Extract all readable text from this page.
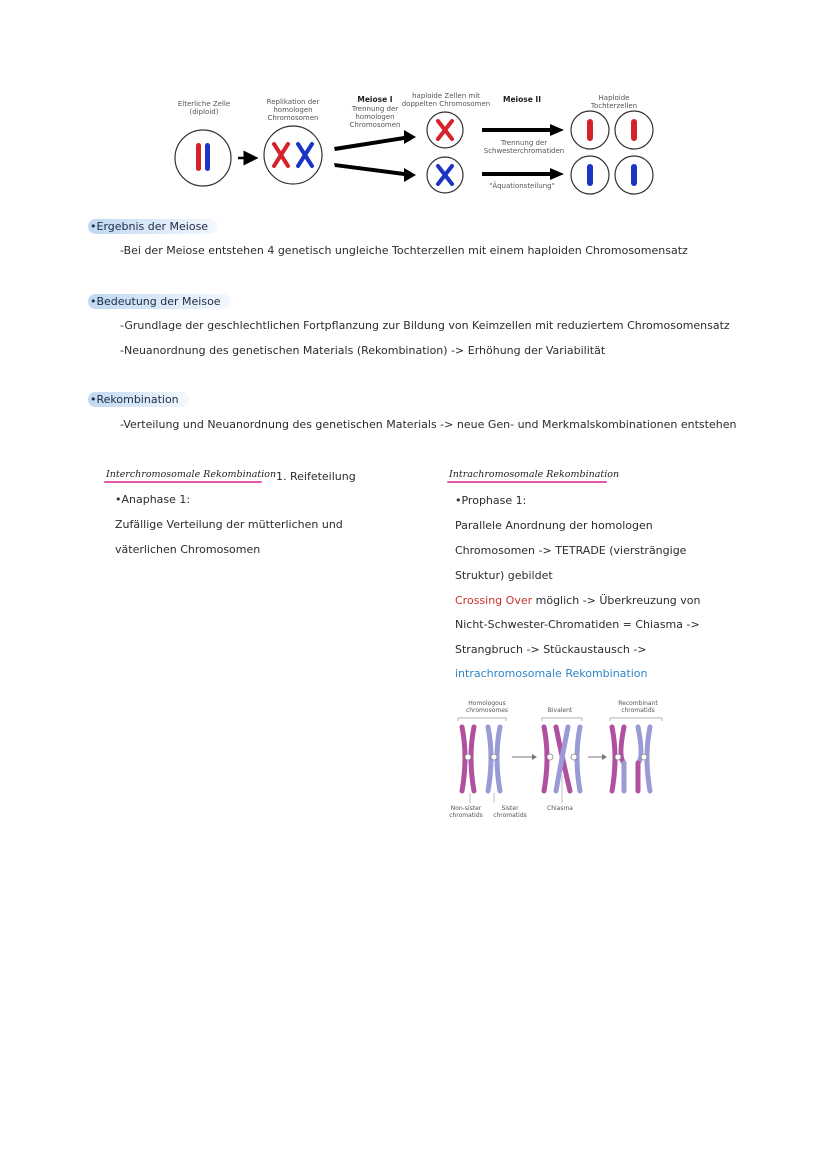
Elterliche Zelle (diploid)
Replikation der homologen Chromosomen
Meiose I
Trennung der homologen Chromosomen
haploide Zellen mit doppelten Chromosomen	Meiose II	Haploide Tochterzellen
Trennung der Schwesterchromatiden
"Äquationsteilung"
•Ergebnis der Meiose
-Bei der Meiose entstehen 4 genetisch ungleiche Tochterzellen mit einem haploiden Chromosomensatz
•Bedeutung der Meisoe
-Grundlage der geschlechtlichen Fortpflanzung zur Bildung von Keimzellen mit reduziertem Chromosomensatz
-Neuanordnung des genetischen Materials (Rekombination) -> Erhöhung der Variabilität
•Rekombination
-Verteilung und Neuanordnung des genetischen Materials -> neue Gen- und Merkmalskombinationen entstehen
Interchromosomale Rekombination 1. Reifeteilung
•Anaphase 1:
Zufällige Verteilung der mütterlichen und
väterlichen Chromosomen
Intrachromosomale Rekombination
•Prophase 1:
Parallele Anordnung der homologen
Chromosomen -> TETRADE (viersträngige
Struktur) gebildet
Crossing Over möglich -> Überkreuzung von
Nicht-Schwester-Chromatiden = Chiasma ->
Strangbruch -> Stückaustausch ->
intrachromosomale Rekombination
Homologous chromosomes	Bivalent
Recombinant chromatids
Non-sister chromatids
Sister chromatids
Chiasma
